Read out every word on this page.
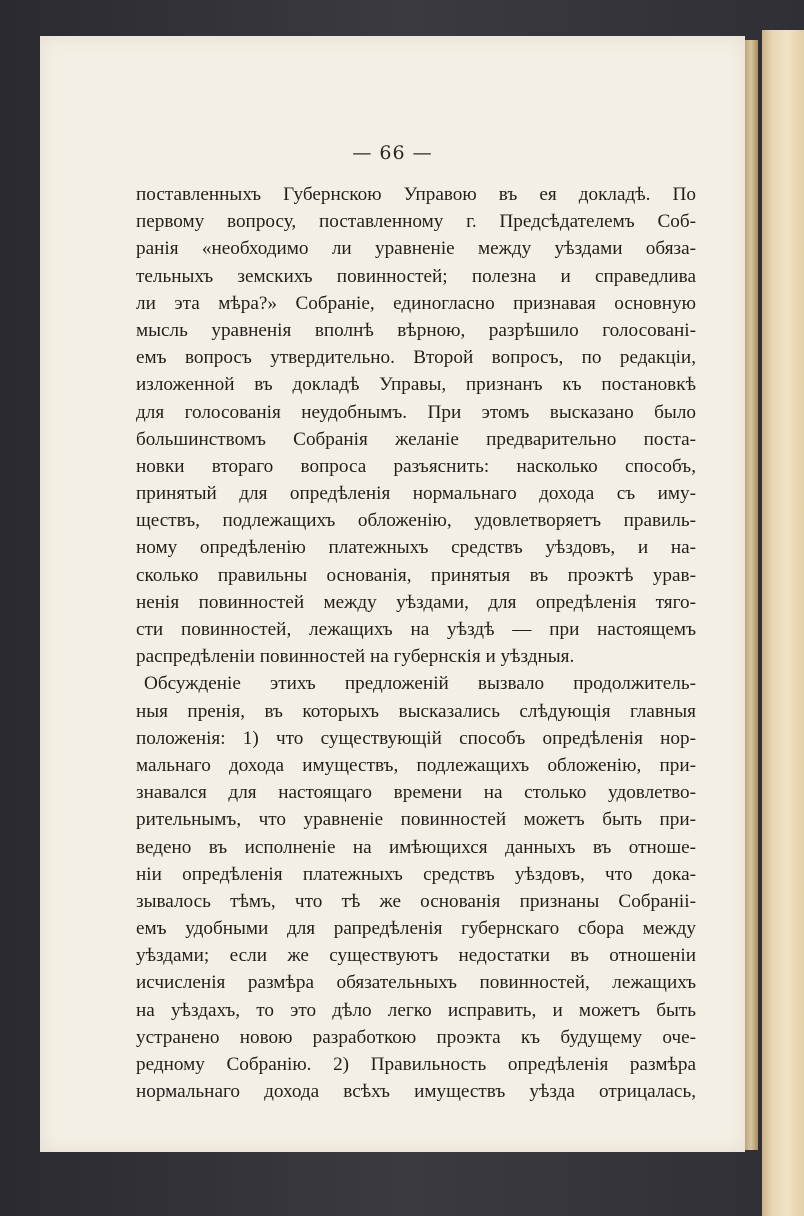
— 66 —
поставленныхъ Губернскою Управою въ ея докладѣ. По
первому вопросу, поставленному г. Предсѣдателемъ Соб-
ранія «необходимо ли уравненіе между уѣздами обяза-
тельныхъ земскихъ повинностей; полезна и справедлива
ли эта мѣра?» Собраніе, единогласно признавая основную
мысль уравненія вполнѣ вѣрною, разрѣшило голосовані-
емъ вопросъ утвердительно. Второй вопросъ, по редакціи,
изложенной въ докладѣ Управы, признанъ къ постановкѣ
для голосованія неудобнымъ. При этомъ высказано было
большинствомъ Собранія желаніе предварительно поста-
новки втораго вопроса разъяснить: насколько способъ,
принятый для опредѣленія нормальнаго дохода съ иму-
ществъ, подлежащихъ обложенію, удовлетворяетъ правиль-
ному опредѣленію платежныхъ средствъ уѣздовъ, и на-
сколько правильны основанія, принятыя въ проэктѣ урав-
ненія повинностей между уѣздами, для опредѣленія тяго-
сти повинностей, лежащихъ на уѣздѣ — при настоящемъ
распредѣленіи повинностей на губернскія и уѣздныя.
Обсужденіе этихъ предложеній вызвало продолжитель-
ныя пренія, въ которыхъ высказались слѣдующія главныя
положенія: 1) что существующій способъ опредѣленія нор-
мальнаго дохода имуществъ, подлежащихъ обложенію, при-
знавался для настоящаго времени на столько удовлетво-
рительнымъ, что уравненіе повинностей можетъ быть при-
ведено въ исполненіе на имѣющихся данныхъ въ отноше-
ніи опредѣленія платежныхъ средствъ уѣздовъ, что дока-
зывалось тѣмъ, что тѣ же основанія признаны Собраніі-
емъ удобными для рапредѣленія губернскаго сбора между
уѣздами; если же существуютъ недостатки въ отношеніи
исчисленія размѣра обязательныхъ повинностей, лежащихъ
на уѣздахъ, то это дѣло легко исправить, и можетъ быть
устранено новою разработкою проэкта къ будущему оче-
редному Собранію. 2) Правильность опредѣленія размѣра
нормальнаго дохода всѣхъ имуществъ уѣзда отрицалась,
